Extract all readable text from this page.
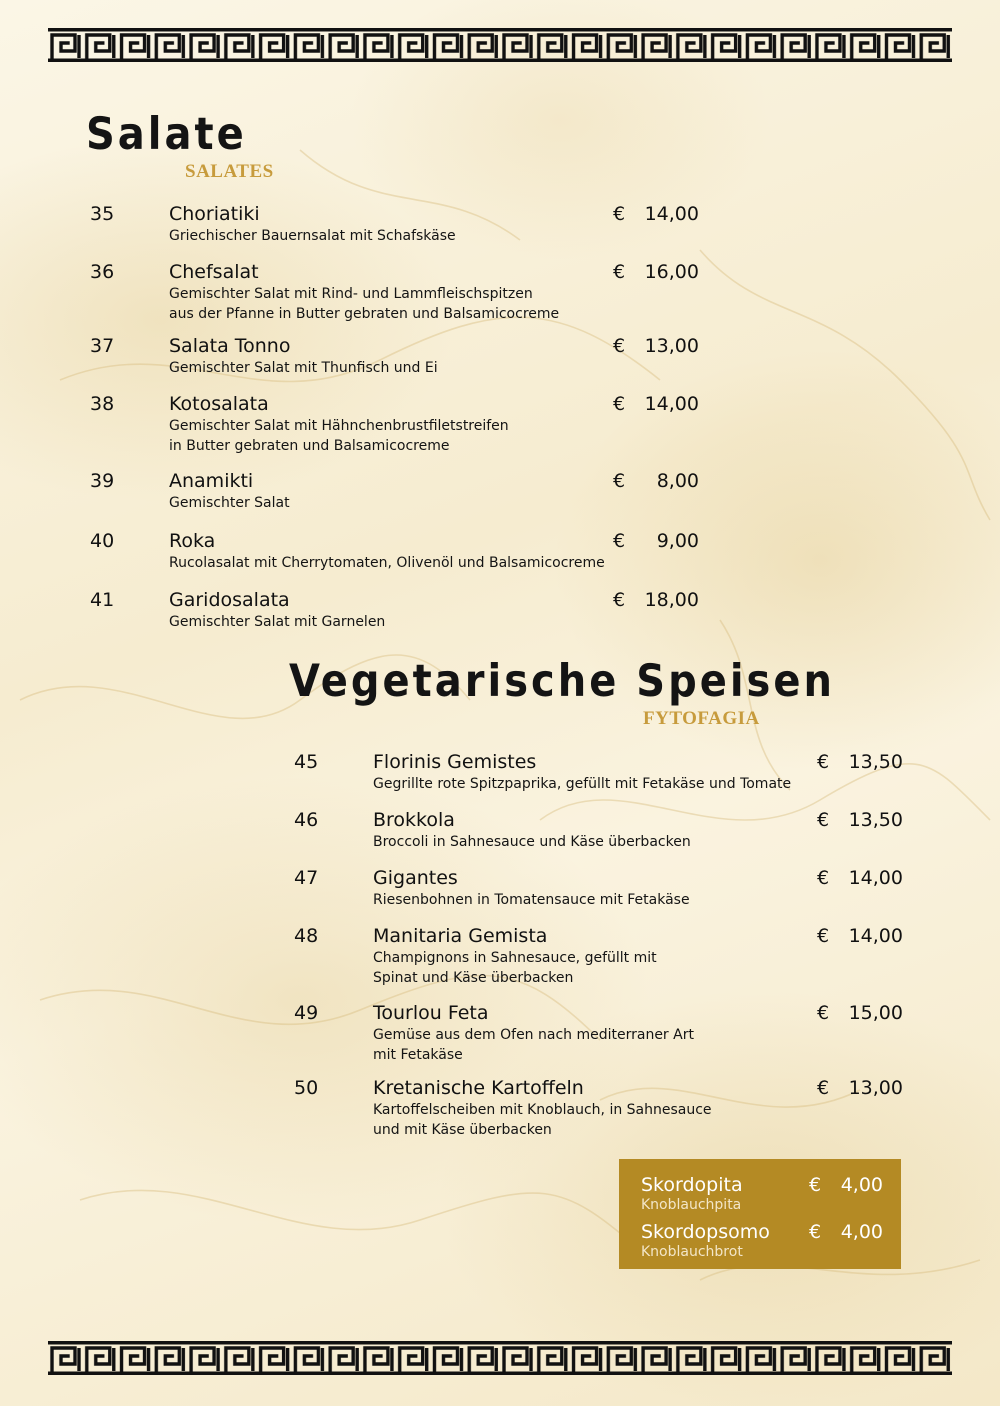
Salate
SALATES
35	Choriatiki
Griechischer Bauernsalat mit Schafskäse
€ 14,00
36	Chefsalat
Gemischter Salat mit Rind- und Lammfleischspitzen
aus der Pfanne in Butter gebraten und Balsamicocreme
€ 16,00
37	Salata Tonno
Gemischter Salat mit Thunfisch und Ei
€ 13,00
38	Kotosalata
Gemischter Salat mit Hähnchenbrustfiletstreifen
in Butter gebraten und Balsamicocreme
€ 14,00
39	Anamikti
Gemischter Salat
€ 8,00
40	Roka
Rucolasalat mit Cherrytomaten, Olivenöl und Balsamicocreme
€ 9,00
41	Garidosalata
Gemischter Salat mit Garnelen
€ 18,00
Vegetarische Speisen
FYTOFAGIA
45	Florinis Gemistes
Gegrillte rote Spitzpaprika, gefüllt mit Fetakäse und Tomate
€ 13,50
46	Brokkola
Broccoli in Sahnesauce und Käse überbacken
€ 13,50
47	Gigantes
Riesenbohnen in Tomatensauce mit Fetakäse
€ 14,00
48	Manitaria Gemista
Champignons in Sahnesauce, gefüllt mit
Spinat und Käse überbacken
€ 14,00
49	Tourlou Feta
Gemüse aus dem Ofen nach mediterraner Art
mit Fetakäse
€ 15,00
50	Kretanische Kartoffeln
Kartoffelscheiben mit Knoblauch, in Sahnesauce
und mit Käse überbacken
€ 13,00
Skordopita
Knoblauchpita
€ 4,00
Skordopsomo
Knoblauchbrot
€ 4,00
